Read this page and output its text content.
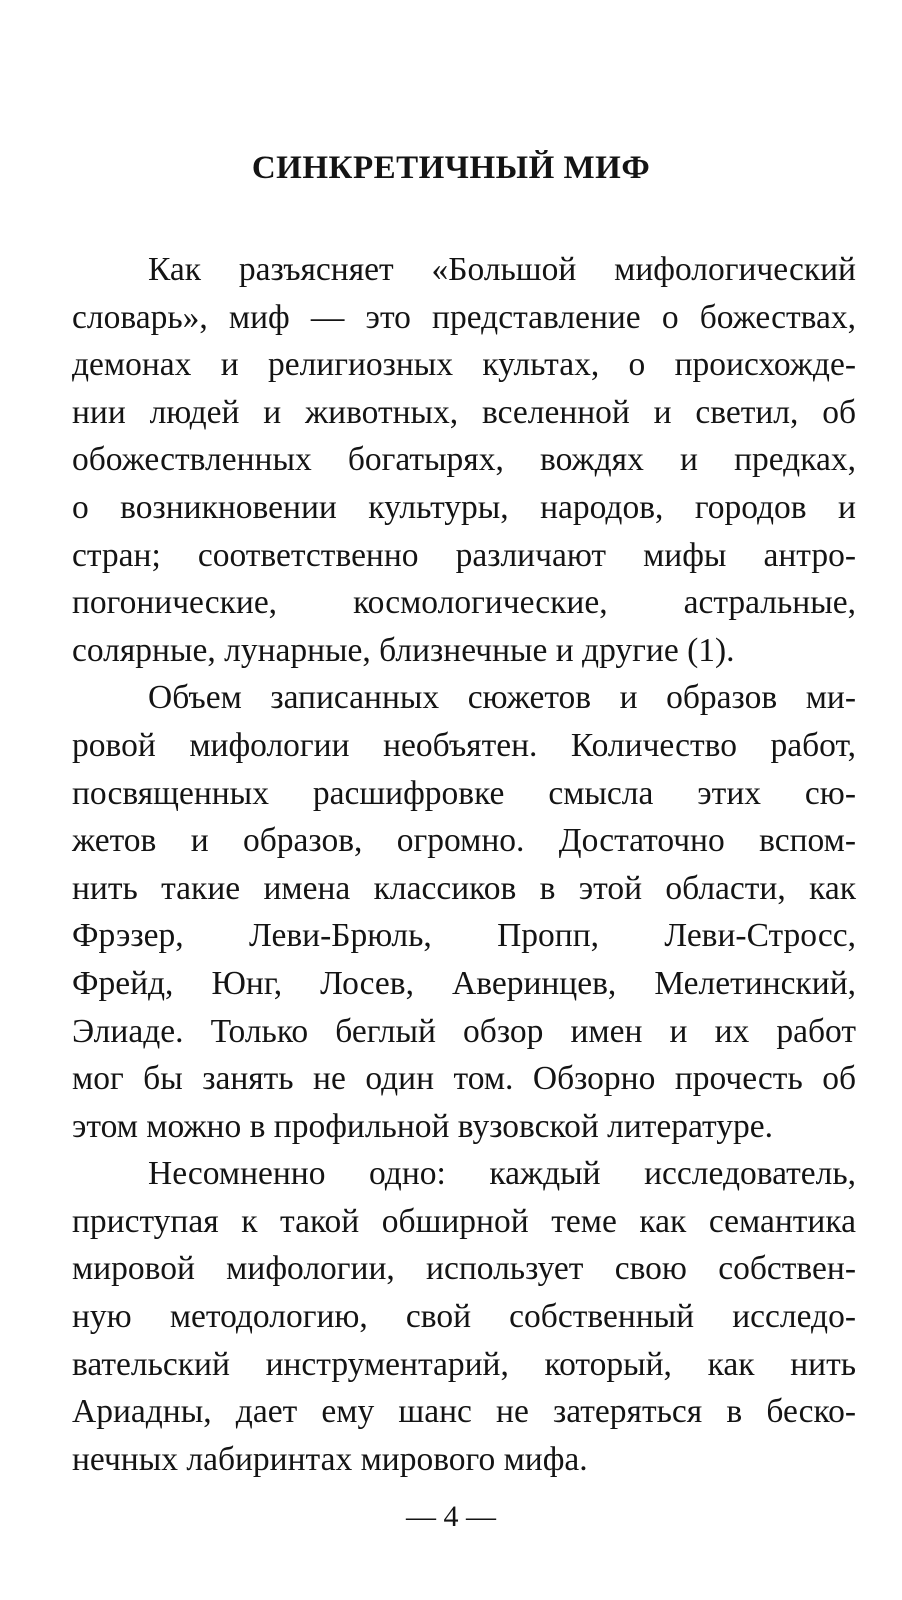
СИНКРЕТИЧНЫЙ МИФ
Как разъясняет «Большой мифологический
словарь», миф — это представление о божествах,
демонах и религиозных культах, о происхожде-
нии людей и животных, вселенной и светил, об
обожествленных богатырях, вождях и предках,
о возникновении культуры, народов, городов и
стран; соответственно различают мифы антро-
погонические, космологические, астральные,
солярные, лунарные, близнечные и другие (1).
Объем записанных сюжетов и образов ми-
ровой мифологии необъятен. Количество работ,
посвященных расшифровке смысла этих сю-
жетов и образов, огромно. Достаточно вспом-
нить такие имена классиков в этой области, как
Фрэзер, Леви-Брюль, Пропп, Леви-Стросс,
Фрейд, Юнг, Лосев, Аверинцев, Мелетинский,
Элиаде. Только беглый обзор имен и их работ
мог бы занять не один том. Обзорно прочесть об
этом можно в профильной вузовской литературе.
Несомненно одно: каждый исследователь,
приступая к такой обширной теме как семантика
мировой мифологии, использует свою собствен-
ную методологию, свой собственный исследо-
вательский инструментарий, который, как нить
Ариадны, дает ему шанс не затеряться в беско-
нечных лабиринтах мирового мифа.
— 4 —
